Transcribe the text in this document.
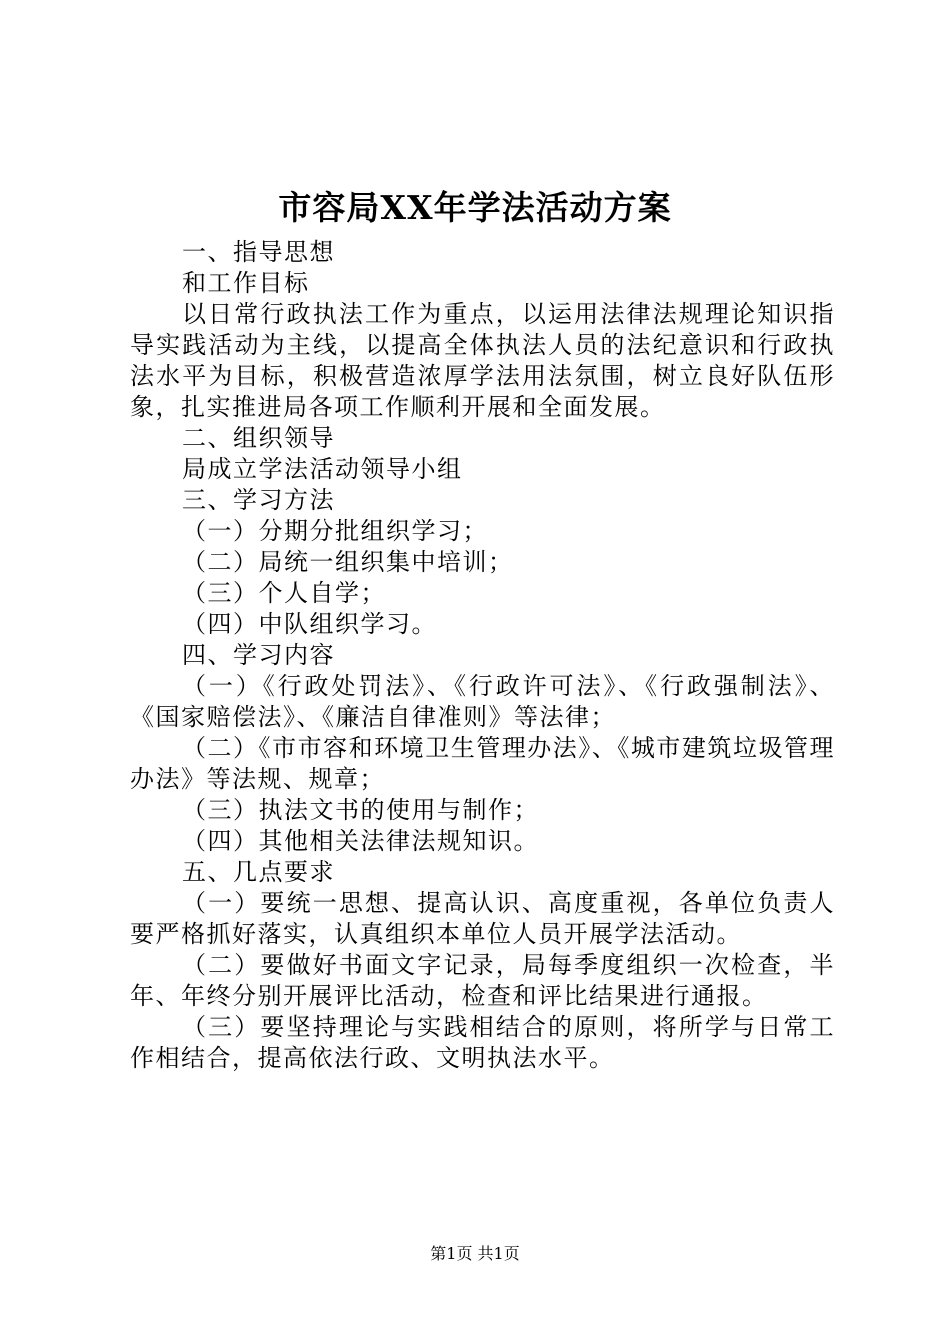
市容局XX年学法活动方案

一、指导思想

和工作目标

以日常行政执法工作为重点，以运用法律法规理论知识指导实践活动为主线，以提高全体执法人员的法纪意识和行政执法水平为目标，积极营造浓厚学法用法氛围，树立良好队伍形象，扎实推进局各项工作顺利开展和全面发展。

二、组织领导

局成立学法活动领导小组

三、学习方法

（一）分期分批组织学习；

（二）局统一组织集中培训；

（三）个人自学；

（四）中队组织学习。

四、学习内容

（一）《行政处罚法》、《行政许可法》、《行政强制法》、《国家赔偿法》、《廉洁自律准则》等法律；

（二）《市市容和环境卫生管理办法》、《城市建筑垃圾管理办法》等法规、规章；

（三）执法文书的使用与制作；

（四）其他相关法律法规知识。

五、几点要求

（一）要统一思想、提高认识、高度重视，各单位负责人要严格抓好落实，认真组织本单位人员开展学法活动。

（二）要做好书面文字记录，局每季度组织一次检查，半年、年终分别开展评比活动，检查和评比结果进行通报。

（三）要坚持理论与实践相结合的原则，将所学与日常工作相结合，提高依法行政、文明执法水平。

第1页 共1页
